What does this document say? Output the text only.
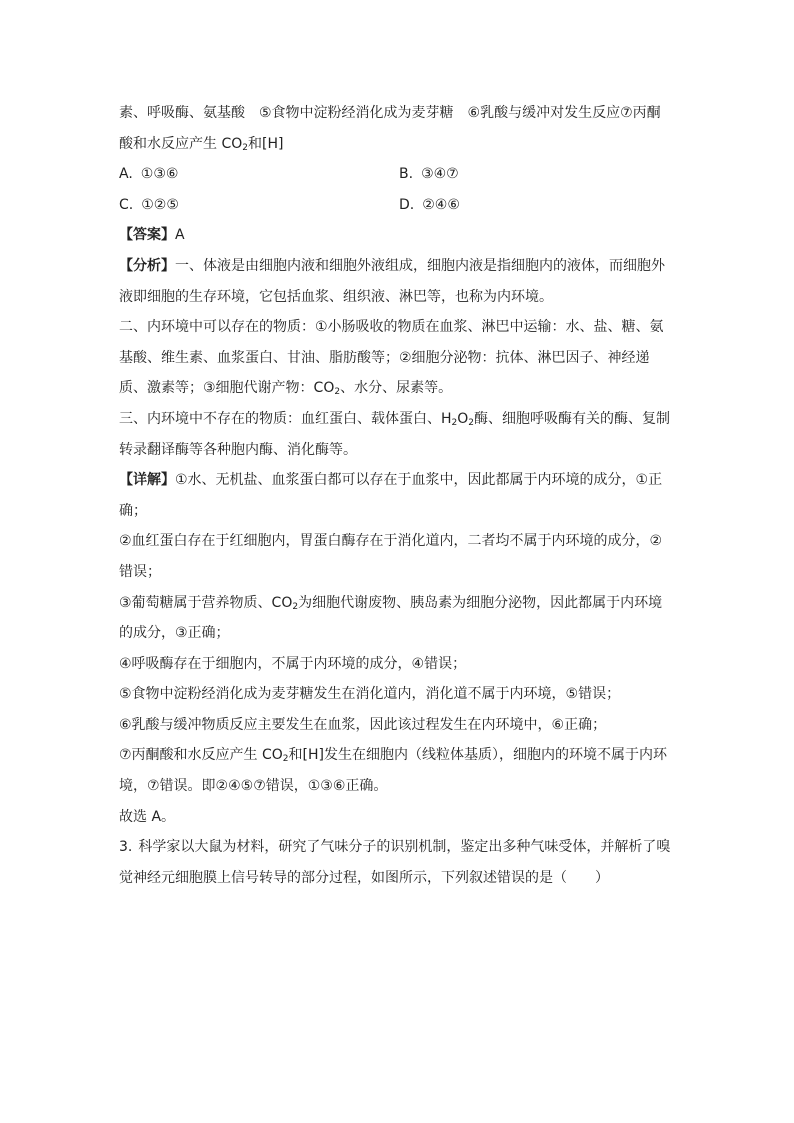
素、呼吸酶、氨基酸　⑤食物中淀粉经消化成为麦芽糖　⑥乳酸与缓冲对发生反应⑦丙酮
酸和水反应产生 $CO_2$和[H]
A. ①③⑥	B. ③④⑦
C. ①②⑤	D. ②④⑥
【答案】A
【分析】一、体液是由细胞内液和细胞外液组成，细胞内液是指细胞内的液体，而细胞外
液即细胞的生存环境，它包括血浆、组织液、淋巴等，也称为内环境。
二、内环境中可以存在的物质：①小肠吸收的物质在血浆、淋巴中运输：水、盐、糖、氨
基酸、维生素、血浆蛋白、甘油、脂肪酸等；②细胞分泌物：抗体、淋巴因子、神经递
质、激素等；③细胞代谢产物：$CO_2$、水分、尿素等。
三、内环境中不存在的物质：血红蛋白、载体蛋白、$H_2O_2$酶、细胞呼吸酶有关的酶、复制
转录翻译酶等各种胞内酶、消化酶等。
【详解】①水、无机盐、血浆蛋白都可以存在于血浆中，因此都属于内环境的成分，①正
确；
②血红蛋白存在于红细胞内，胃蛋白酶存在于消化道内，二者均不属于内环境的成分，②
错误；
③葡萄糖属于营养物质、$CO_2$为细胞代谢废物、胰岛素为细胞分泌物，因此都属于内环境
的成分，③正确；
④呼吸酶存在于细胞内，不属于内环境的成分，④错误；
⑤食物中淀粉经消化成为麦芽糖发生在消化道内，消化道不属于内环境，⑤错误；
⑥乳酸与缓冲物质反应主要发生在血浆，因此该过程发生在内环境中，⑥正确；
⑦丙酮酸和水反应产生 $CO_2$和[H]发生在细胞内（线粒体基质），细胞内的环境不属于内环
境，⑦错误。即②④⑤⑦错误，①③⑥正确。
故选 A。
3. 科学家以大鼠为材料，研究了气味分子的识别机制，鉴定出多种气味受体，并解析了嗅
觉神经元细胞膜上信号转导的部分过程，如图所示，下列叙述错误的是（　　）
